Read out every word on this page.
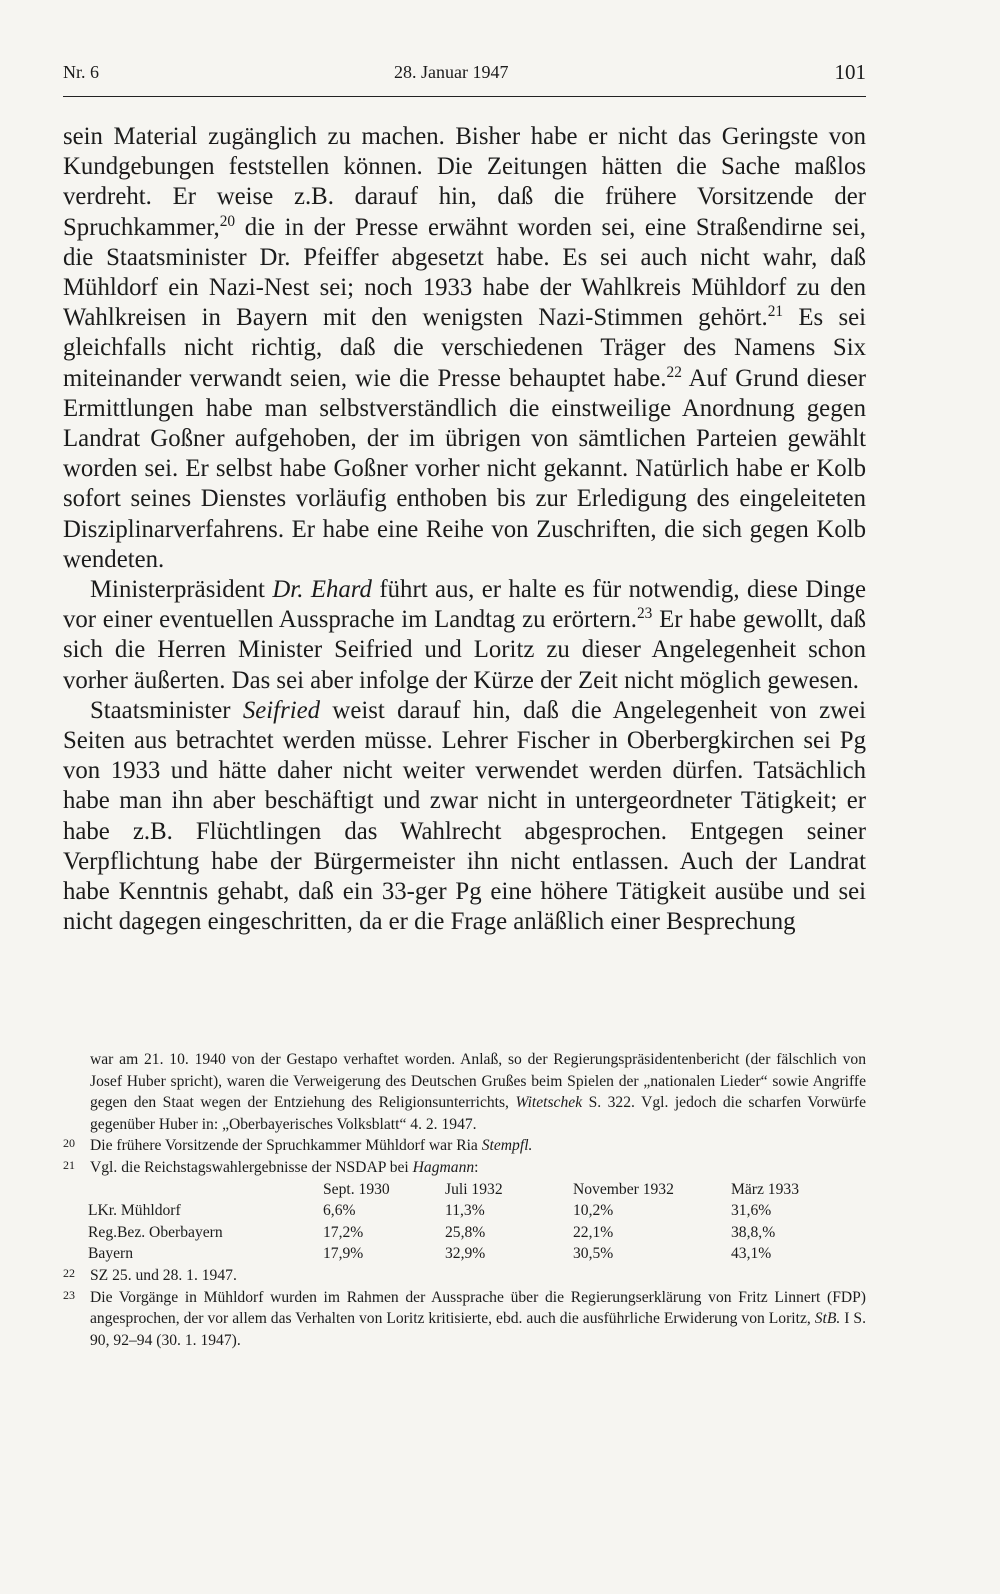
Nr. 6	28. Januar 1947	101

sein Material zugänglich zu machen. Bisher habe er nicht das Geringste von Kundgebungen feststellen können. Die Zeitungen hätten die Sache maßlos verdreht. Er weise z.B. darauf hin, daß die frühere Vorsitzende der Spruchkammer,$^{20}$ die in der Presse erwähnt worden sei, eine Straßendirne sei, die Staatsminister Dr. Pfeiffer abgesetzt habe. Es sei auch nicht wahr, daß Mühldorf ein Nazi-Nest sei; noch 1933 habe der Wahlkreis Mühldorf zu den Wahlkreisen in Bayern mit den wenigsten Nazi-Stimmen gehört.$^{21}$ Es sei gleichfalls nicht richtig, daß die verschiedenen Träger des Namens Six miteinander verwandt seien, wie die Presse behauptet habe.$^{22}$ Auf Grund dieser Ermittlungen habe man selbstverständlich die einstweilige Anordnung gegen Landrat Goßner aufgehoben, der im übrigen von sämtlichen Parteien gewählt worden sei. Er selbst habe Goßner vorher nicht gekannt. Natürlich habe er Kolb sofort seines Dienstes vorläufig enthoben bis zur Erledigung des eingeleiteten Disziplinarverfahrens. Er habe eine Reihe von Zuschriften, die sich gegen Kolb wendeten.

Ministerpräsident Dr. Ehard führt aus, er halte es für notwendig, diese Dinge vor einer eventuellen Aussprache im Landtag zu erörtern.$^{23}$ Er habe gewollt, daß sich die Herren Minister Seifried und Loritz zu dieser Angelegenheit schon vorher äußerten. Das sei aber infolge der Kürze der Zeit nicht möglich gewesen.

Staatsminister Seifried weist darauf hin, daß die Angelegenheit von zwei Seiten aus betrachtet werden müsse. Lehrer Fischer in Oberbergkirchen sei Pg von 1933 und hätte daher nicht weiter verwendet werden dürfen. Tatsächlich habe man ihn aber beschäftigt und zwar nicht in untergeordneter Tätigkeit; er habe z.B. Flüchtlingen das Wahlrecht abgesprochen. Entgegen seiner Verpflichtung habe der Bürgermeister ihn nicht entlassen. Auch der Landrat habe Kenntnis gehabt, daß ein 33-ger Pg eine höhere Tätigkeit ausübe und sei nicht dagegen eingeschritten, da er die Frage anläßlich einer Besprechung

war am 21. 10. 1940 von der Gestapo verhaftet worden. Anlaß, so der Regierungspräsidentenbericht (der fälschlich von Josef Huber spricht), waren die Verweigerung des Deutschen Grußes beim Spielen der „nationalen Lieder“ sowie Angriffe gegen den Staat wegen der Entziehung des Religionsunterrichts, Witetschek S. 322. Vgl. jedoch die scharfen Vorwürfe gegenüber Huber in: „Oberbayerisches Volksblatt“ 4. 2. 1947.

20 Die frühere Vorsitzende der Spruchkammer Mühldorf war Ria Stempfl.
21 Vgl. die Reichstagswahlergebnisse der NSDAP bei Hagmann:
	Sept. 1930	Juli 1932	November 1932	März 1933
LKr. Mühldorf	6,6%	11,3%	10,2%	31,6%
Reg.Bez. Oberbayern	17,2%	25,8%	22,1%	38,8,%
Bayern	17,9%	32,9%	30,5%	43,1%
22 SZ 25. und 28. 1. 1947.
23 Die Vorgänge in Mühldorf wurden im Rahmen der Aussprache über die Regierungserklärung von Fritz Linnert (FDP) angesprochen, der vor allem das Verhalten von Loritz kritisierte, ebd. auch die ausführliche Erwiderung von Loritz, StB. I S. 90, 92–94 (30. 1. 1947).
